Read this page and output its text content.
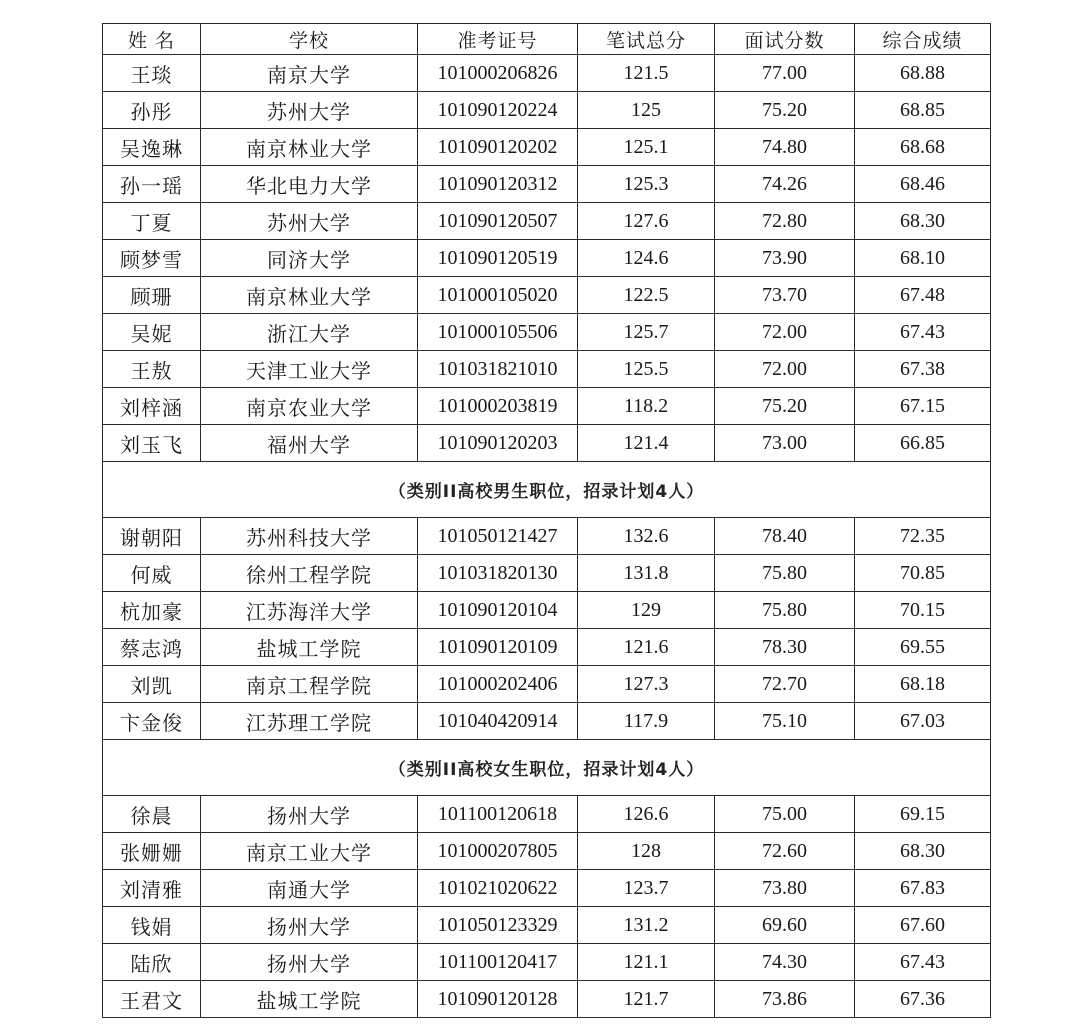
姓 名	学校	准考证号	笔试总分	面试分数	综合成绩
王琰	南京大学	101000206826	121.5	77.00	68.88
孙彤	苏州大学	101090120224	125	75.20	68.85
吴逸琳	南京林业大学	101090120202	125.1	74.80	68.68
孙一瑶	华北电力大学	101090120312	125.3	74.26	68.46
丁夏	苏州大学	101090120507	127.6	72.80	68.30
顾梦雪	同济大学	101090120519	124.6	73.90	68.10
顾珊	南京林业大学	101000105020	122.5	73.70	67.48
吴妮	浙江大学	101000105506	125.7	72.00	67.43
王敖	天津工业大学	101031821010	125.5	72.00	67.38
刘梓涵	南京农业大学	101000203819	118.2	75.20	67.15
刘玉飞	福州大学	101090120203	121.4	73.00	66.85
（类别II高校男生职位，招录计划4人）					
谢朝阳	苏州科技大学	101050121427	132.6	78.40	72.35
何威	徐州工程学院	101031820130	131.8	75.80	70.85
杭加豪	江苏海洋大学	101090120104	129	75.80	70.15
蔡志鸿	盐城工学院	101090120109	121.6	78.30	69.55
刘凯	南京工程学院	101000202406	127.3	72.70	68.18
卞金俊	江苏理工学院	101040420914	117.9	75.10	67.03
（类别II高校女生职位，招录计划4人）					
徐晨	扬州大学	101100120618	126.6	75.00	69.15
张姗姗	南京工业大学	101000207805	128	72.60	68.30
刘清雅	南通大学	101021020622	123.7	73.80	67.83
钱娟	扬州大学	101050123329	131.2	69.60	67.60
陆欣	扬州大学	101100120417	121.1	74.30	67.43
王君文	盐城工学院	101090120128	121.7	73.86	67.36
